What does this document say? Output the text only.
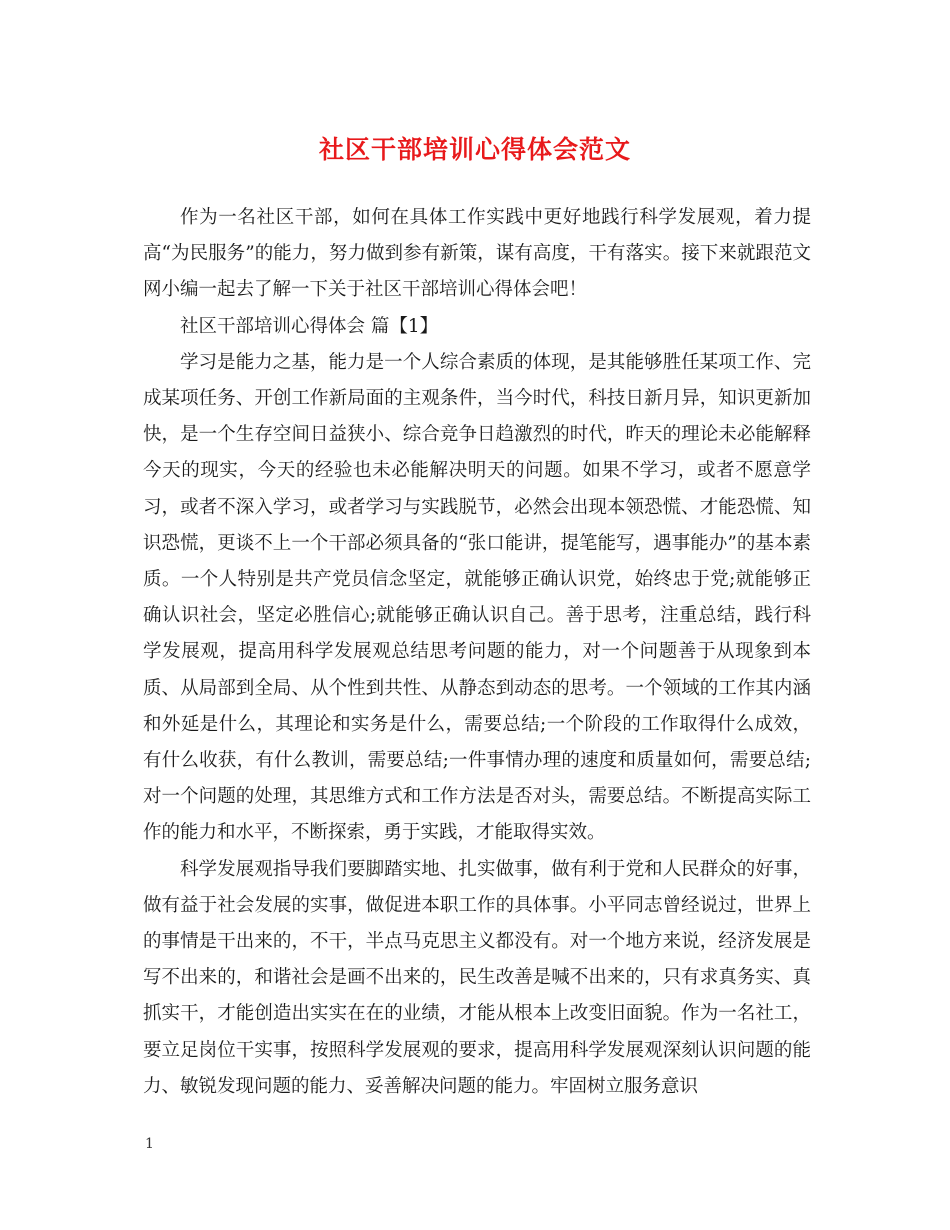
社区干部培训心得体会范文

作为一名社区干部，如何在具体工作实践中更好地践行科学发展观，着力提高“为民服务”的能力，努力做到参有新策，谋有高度，干有落实。接下来就跟范文网小编一起去了解一下关于社区干部培训心得体会吧！

社区干部培训心得体会 篇【1】

学习是能力之基，能力是一个人综合素质的体现，是其能够胜任某项工作、完成某项任务、开创工作新局面的主观条件，当今时代，科技日新月异，知识更新加快，是一个生存空间日益狭小、综合竞争日趋激烈的时代，昨天的理论未必能解释今天的现实，今天的经验也未必能解决明天的问题。如果不学习，或者不愿意学习，或者不深入学习，或者学习与实践脱节，必然会出现本领恐慌、才能恐慌、知识恐慌，更谈不上一个干部必须具备的“张口能讲，提笔能写，遇事能办”的基本素质。一个人特别是共产党员信念坚定，就能够正确认识党，始终忠于党;就能够正确认识社会，坚定必胜信心;就能够正确认识自己。善于思考，注重总结，践行科学发展观，提高用科学发展观总结思考问题的能力，对一个问题善于从现象到本质、从局部到全局、从个性到共性、从静态到动态的思考。一个领域的工作其内涵和外延是什么，其理论和实务是什么，需要总结;一个阶段的工作取得什么成效，有什么收获，有什么教训，需要总结;一件事情办理的速度和质量如何，需要总结;对一个问题的处理，其思维方式和工作方法是否对头，需要总结。不断提高实际工作的能力和水平，不断探索，勇于实践，才能取得实效。

科学发展观指导我们要脚踏实地、扎实做事，做有利于党和人民群众的好事，做有益于社会发展的实事，做促进本职工作的具体事。小平同志曾经说过，世界上的事情是干出来的，不干，半点马克思主义都没有。对一个地方来说，经济发展是写不出来的，和谐社会是画不出来的，民生改善是喊不出来的，只有求真务实、真抓实干，才能创造出实实在在的业绩，才能从根本上改变旧面貌。作为一名社工，要立足岗位干实事，按照科学发展观的要求，提高用科学发展观深刻认识问题的能力、敏锐发现问题的能力、妥善解决问题的能力。牢固树立服务意识

1
